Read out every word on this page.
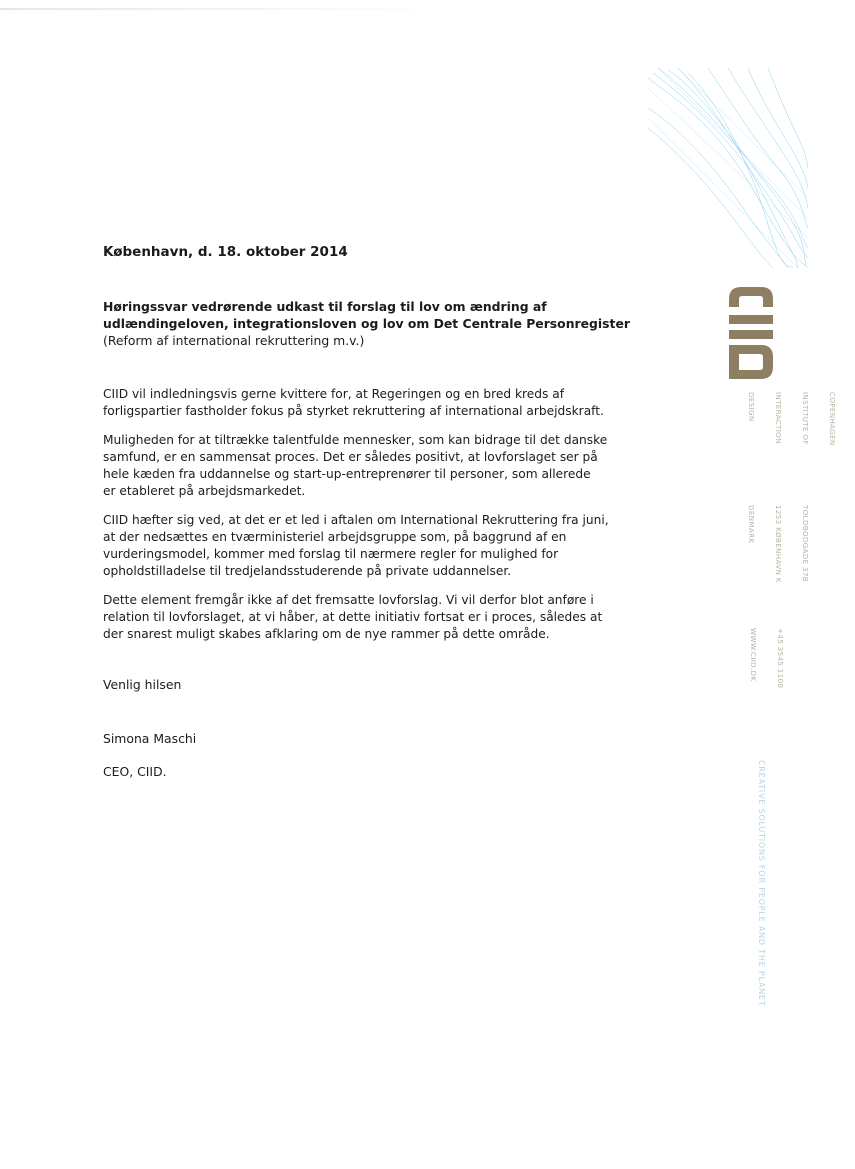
COPENHAGEN

INSTITUTE OF

INTERACTION

DESIGN

TOLDBODGADE 37B

1253 KØBENHAVN K

DENMARK

+45 3545 1100

WWW.CIID.DK

CREATIVE SOLUTIONS FOR PEOPLE AND THE PLANET

København, d. 18. oktober 2014

Høringssvar vedrørende udkast til forslag til lov om ændring af
udlændingeloven, integrationsloven og lov om Det Centrale Personregister
(Reform af international rekruttering m.v.)

CIID vil indledningsvis gerne kvittere for, at Regeringen og en bred kreds af
forligspartier fastholder fokus på styrket rekruttering af international arbejdskraft.

Muligheden for at tiltrække talentfulde mennesker, som kan bidrage til det danske
samfund, er en sammensat proces. Det er således positivt, at lovforslaget ser på
hele kæden fra uddannelse og start-up-entreprenører til personer, som allerede
er etableret på arbejdsmarkedet.

CIID hæfter sig ved, at det er et led i aftalen om International Rekruttering fra juni,
at der nedsættes en tværministeriel arbejdsgruppe som, på baggrund af en
vurderingsmodel, kommer med forslag til nærmere regler for mulighed for
opholdstilladelse til tredjelandsstuderende på private uddannelser.

Dette element fremgår ikke af det fremsatte lovforslag. Vi vil derfor blot anføre i
relation til lovforslaget, at vi håber, at dette initiativ fortsat er i proces, således at
der snarest muligt skabes afklaring om de nye rammer på dette område.

Venlig hilsen

Simona Maschi

CEO, CIID.
